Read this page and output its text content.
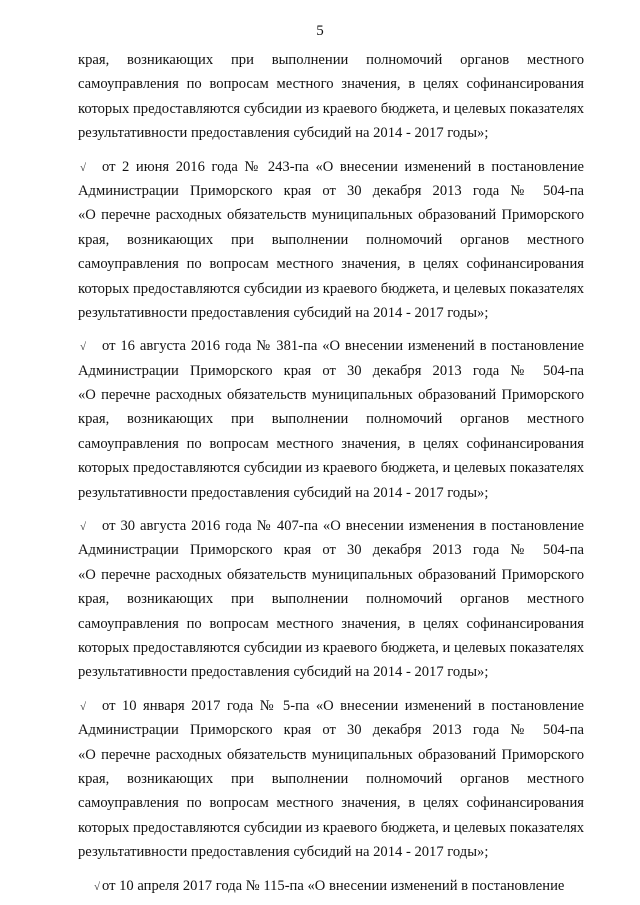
5
края, возникающих при выполнении полномочий органов местного
самоуправления по вопросам местного значения, в целях софинансирования
которых предоставляются субсидии из краевого бюджета, и целевых показателях
результативности предоставления субсидий на 2014 - 2017 годы»;
√ от 2 июня 2016 года № 243-па «О внесении изменений в постановление
Администрации Приморского края от 30 декабря 2013 года № 504-па
«О перечне расходных обязательств муниципальных образований Приморского
края, возникающих при выполнении полномочий органов местного
самоуправления по вопросам местного значения, в целях софинансирования
которых предоставляются субсидии из краевого бюджета, и целевых показателях
результативности предоставления субсидий на 2014 - 2017 годы»;
√ от 16 августа 2016 года № 381-па «О внесении изменений в постановление
Администрации Приморского края от 30 декабря 2013 года № 504-па
«О перечне расходных обязательств муниципальных образований Приморского
края, возникающих при выполнении полномочий органов местного
самоуправления по вопросам местного значения, в целях софинансирования
которых предоставляются субсидии из краевого бюджета, и целевых показателях
результативности предоставления субсидий на 2014 - 2017 годы»;
√ от 30 августа 2016 года № 407-па «О внесении изменения в постановление
Администрации Приморского края от 30 декабря 2013 года № 504-па
«О перечне расходных обязательств муниципальных образований Приморского
края, возникающих при выполнении полномочий органов местного
самоуправления по вопросам местного значения, в целях софинансирования
которых предоставляются субсидии из краевого бюджета, и целевых показателях
результативности предоставления субсидий на 2014 - 2017 годы»;
√ от 10 января 2017 года № 5-па «О внесении изменений в постановление
Администрации Приморского края от 30 декабря 2013 года № 504-па
«О перечне расходных обязательств муниципальных образований Приморского
края, возникающих при выполнении полномочий органов местного
самоуправления по вопросам местного значения, в целях софинансирования
которых предоставляются субсидии из краевого бюджета, и целевых показателях
результативности предоставления субсидий на 2014 - 2017 годы»;
√ от 10 апреля 2017 года № 115-па «О внесении изменений в постановление
